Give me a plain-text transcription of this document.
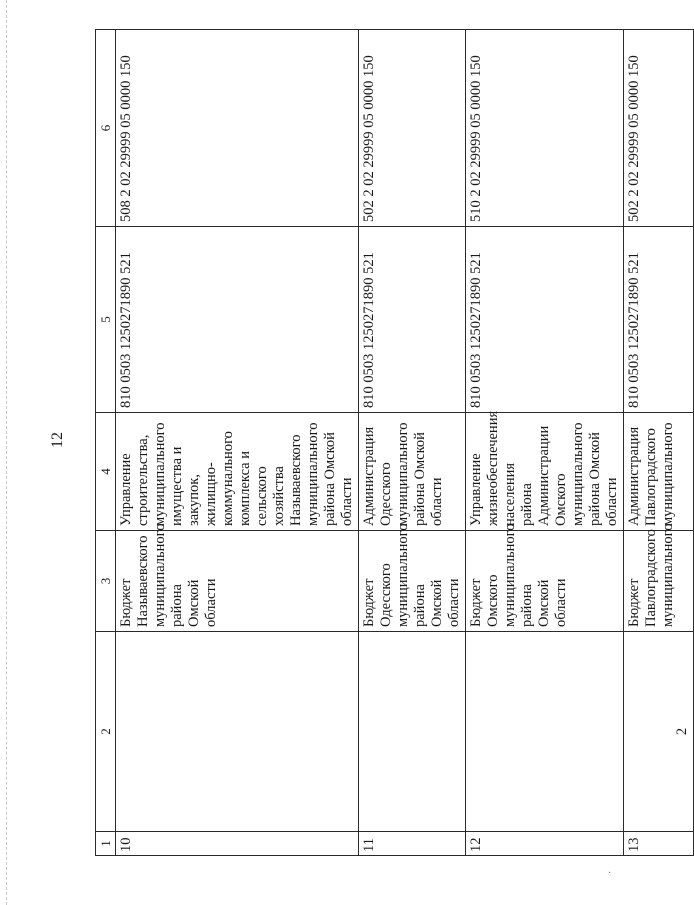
12
·
1	2	3	4	5	6
10		Бюджет Называевского муниципального района Омской области	Управление строительства, муниципального имущества и закупок, жилищно-коммунального комплекса и сельского хозяйства Называевского муниципального района Омской области	810 0503 1250271890 521	508 2 02 29999 05 0000 150
11		Бюджет Одесского муниципального района Омской области	Администрация Одесского муниципального района Омской области	810 0503 1250271890 521	502 2 02 29999 05 0000 150
12		Бюджет Омского муниципального района Омской области	Управление жизнеобеспечения населения района Администрации Омского муниципального района Омской области	810 0503 1250271890 521	510 2 02 29999 05 0000 150
13	2	Бюджет Павлоградского муниципального	Администрация Павлоградского муниципального	810 0503 1250271890 521	502 2 02 29999 05 0000 150
